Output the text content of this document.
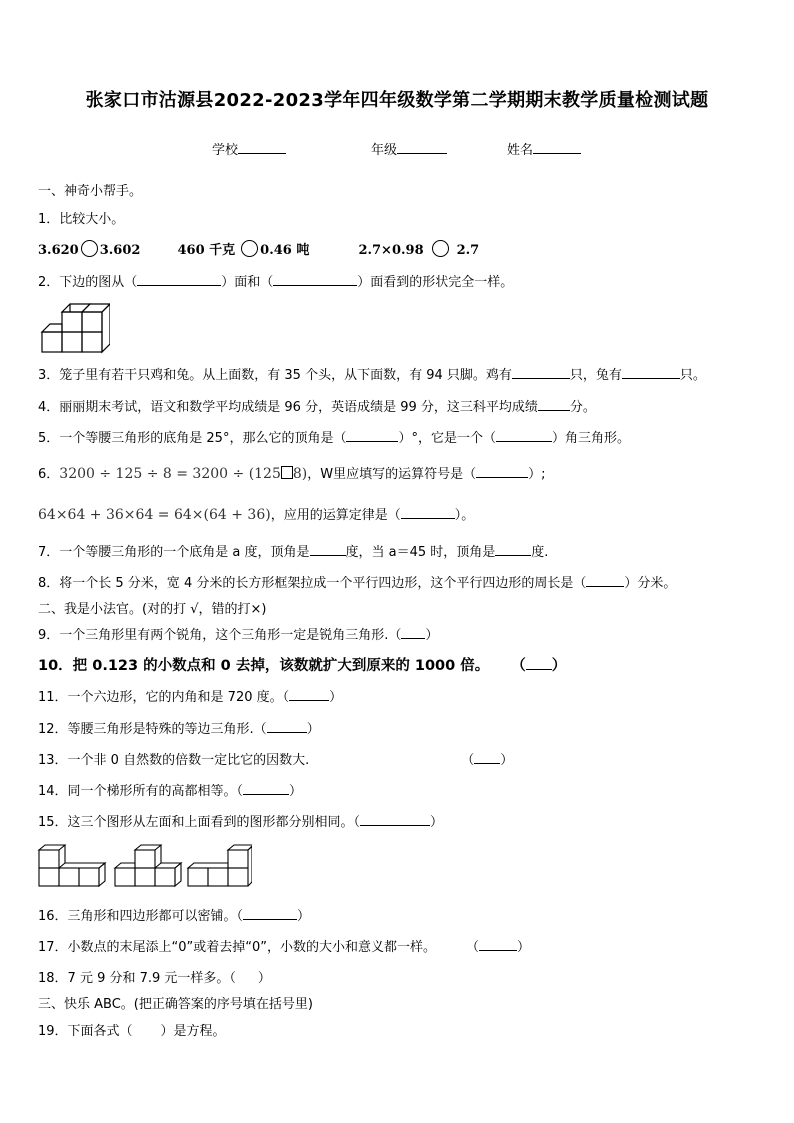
张家口市沽源县2022-2023学年四年级数学第二学期期末教学质量检测试题
学校	年级	姓名
一、神奇小帮手。
1．比较大小。
3.620 3.602	460 千克 0.46 吨	2.7×0.98	2.7
2．下边的图从（	）面和（	）面看到的形状完全一样。
3．笼子里有若干只鸡和兔。从上面数，有 35 个头，从下面数，有 94 只脚。鸡有	只，兔有	只。
4．丽丽期末考试，语文和数学平均成绩是 96 分，英语成绩是 99 分，这三科平均成绩 分。
5．一个等腰三角形的底角是 25°，那么它的顶角是（	）°，它是一个（	）角三角形。
6．3200 ÷ 125 ÷ 8 = 3200 ÷ (125 8)，W里应填写的运算符号是（	）;
64×64 + 36×64 = 64×(64 + 36)，应用的运算定律是（	）。
7．一个等腰三角形的一个底角是 a 度，顶角是	度，当 a＝45 时，顶角是	度.
8．将一个长 5 分米，宽 4 分米的长方形框架拉成一个平行四边形，这个平行四边形的周长是（	）分米。
二、我是小法官。(对的打 √，错的打×)
9．一个三角形里有两个锐角，这个三角形一定是锐角三角形.（ ）
10．把 0.123 的小数点和 0 去掉，该数就扩大到原来的 1000 倍。 （ ）
11．一个六边形，它的内角和是 720 度。（	）
12．等腰三角形是特殊的等边三角形.（	）
13．一个非 0 自然数的倍数一定比它的因数大.	（ ）
14．同一个梯形所有的高都相等。（	）
15．这三个图形从左面和上面看到的图形都分别相同。（	）
16．三角形和四边形都可以密铺。（	）
17．小数点的末尾添上“0”或着去掉“0”，小数的大小和意义都一样。 （	）
18．7 元 9 分和 7.9 元一样多。（ ）
三、快乐 ABC。(把正确答案的序号填在括号里)
19．下面各式（ ）是方程。
